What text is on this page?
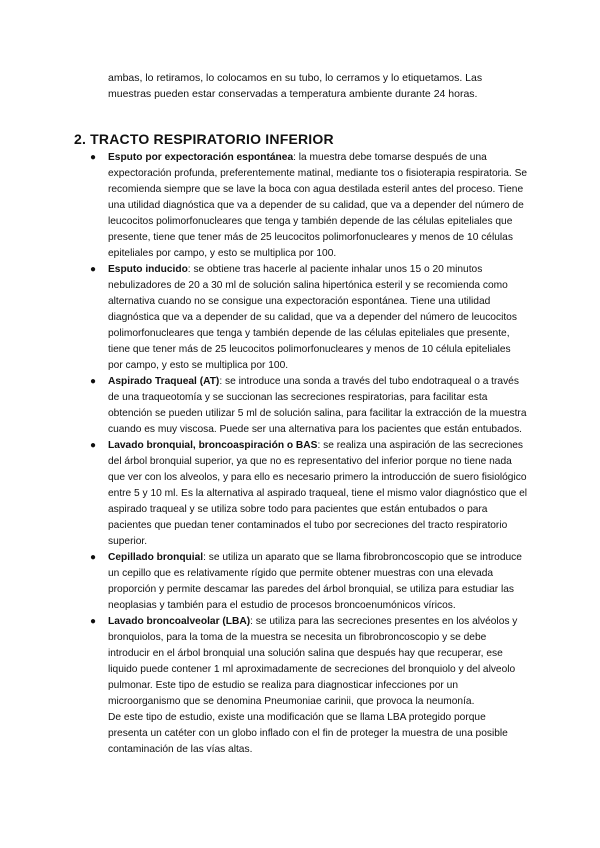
ambas, lo retiramos, lo colocamos en su tubo, lo cerramos y lo etiquetamos. Las muestras pueden estar conservadas a temperatura ambiente durante 24 horas.

2. TRACTO RESPIRATORIO INFERIOR
● Esputo por expectoración espontánea: la muestra debe tomarse después de una expectoración profunda, preferentemente matinal, mediante tos o fisioterapia respiratoria. Se recomienda siempre que se lave la boca con agua destilada esteril antes del proceso. Tiene una utilidad diagnóstica que va a depender de su calidad, que va a depender del número de leucocitos polimorfonucleares que tenga y también depende de las células epiteliales que presente, tiene que tener más de 25 leucocitos polimorfonucleares y menos de 10 células epiteliales por campo, y esto se multiplica por 100.
● Esputo inducido: se obtiene tras hacerle al paciente inhalar unos 15 o 20 minutos nebulizadores de 20 a 30 ml de solución salina hipertónica esteril y se recomienda como alternativa cuando no se consigue una expectoración espontánea. Tiene una utilidad diagnóstica que va a depender de su calidad, que va a depender del número de leucocitos polimorfonucleares que tenga y también depende de las células epiteliales que presente, tiene que tener más de 25 leucocitos polimorfonucleares y menos de 10 célula epiteliales por campo, y esto se multiplica por 100.
● Aspirado Traqueal (AT): se introduce una sonda a través del tubo endotraqueal o a través de una traqueotomía y se succionan las secreciones respiratorias, para facilitar esta obtención se pueden utilizar 5 ml de solución salina, para facilitar la extracción de la muestra cuando es muy viscosa. Puede ser una alternativa para los pacientes que están entubados.
● Lavado bronquial, broncoaspiración o BAS: se realiza una aspiración de las secreciones del árbol bronquial superior, ya que no es representativo del inferior porque no tiene nada que ver con los alveolos, y para ello es necesario primero la introducción de suero fisiológico entre 5 y 10 ml. Es la alternativa al aspirado traqueal, tiene el mismo valor diagnóstico que el aspirado traqueal y se utiliza sobre todo para pacientes que están entubados o para pacientes que puedan tener contaminados el tubo por secreciones del tracto respiratorio superior.
● Cepillado bronquial: se utiliza un aparato que se llama fibrobroncoscopio que se introduce un cepillo que es relativamente rígido que permite obtener muestras con una elevada proporción y permite descamar las paredes del árbol bronquial, se utiliza para estudiar las neoplasias y también para el estudio de procesos broncoenumónicos víricos.
● Lavado broncoalveolar (LBA): se utiliza para las secreciones presentes en los alvéolos y bronquiolos, para la toma de la muestra se necesita un fibrobroncoscopio y se debe introducir en el árbol bronquial una solución salina que después hay que recuperar, ese liquido puede contener 1 ml aproximadamente de secreciones del bronquiolo y del alveolo pulmonar. Este tipo de estudio se realiza para diagnosticar infecciones por un microorganismo que se denomina Pneumoniae carinii, que provoca la neumonía.
De este tipo de estudio, existe una modificación que se llama LBA protegido porque presenta un catéter con un globo inflado con el fin de proteger la muestra de una posible contaminación de las vías altas.
